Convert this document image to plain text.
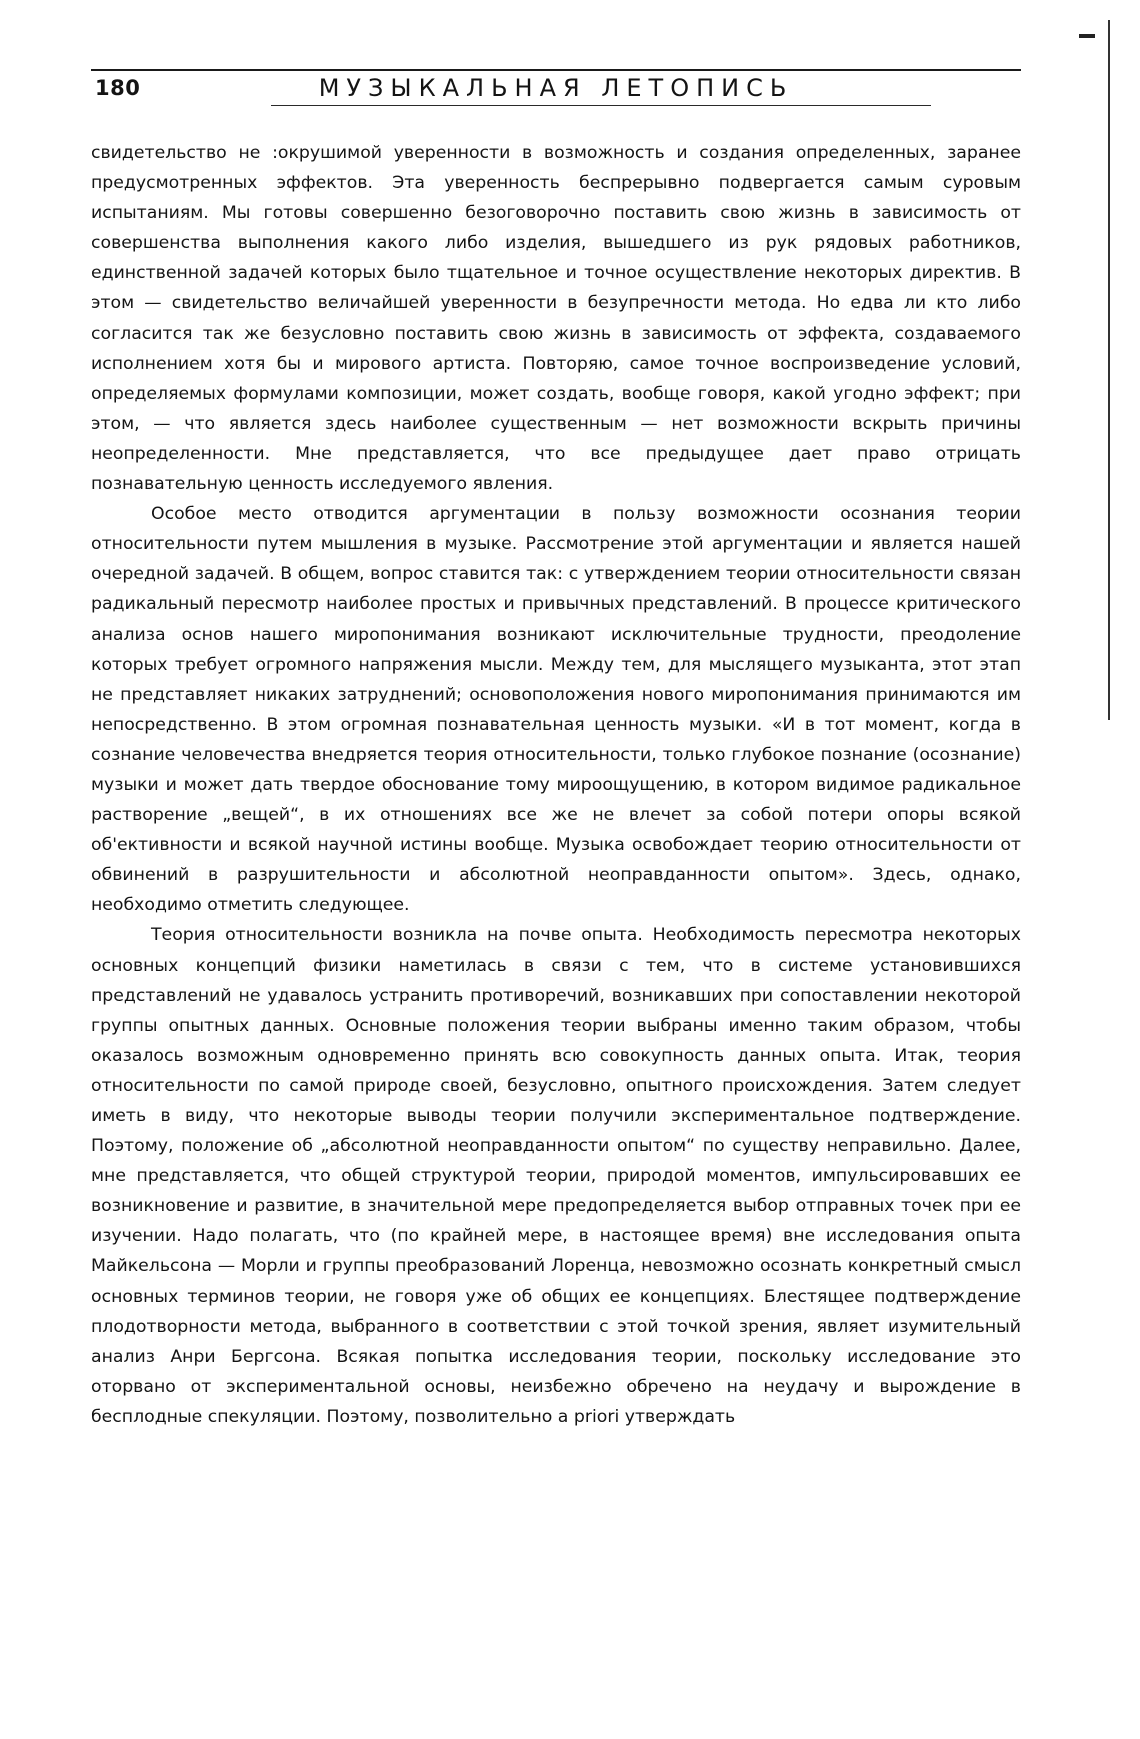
180	МУЗЫКАЛЬНАЯ ЛЕТОПИСЬ

свидетельство не :окрушимой уверенности в возможность и создания определенных, заранее предусмотренных эффектов. Эта уверенность беспрерывно подвергается самым суровым испытаниям. Мы готовы совершенно безоговорочно поставить свою жизнь в зависимость от совершенства выполнения какого либо изделия, вышедшего из рук рядовых работников, единственной задачей которых было тщательное и точное осуществление некоторых директив. В этом — свидетельство величайшей уверенности в безупречности метода. Но едва ли кто либо согласится так же безусловно поставить свою жизнь в зависимость от эффекта, создаваемого исполнением хотя бы и мирового артиста. Повторяю, самое точное воспроизведение условий, определяемых формулами композиции, может создать, вообще говоря, какой угодно эффект; при этом, — что является здесь наиболее существенным — нет возможности вскрыть причины неопределенности. Мне представляется, что все предыдущее дает право отрицать познавательную ценность исследуемого явления.

Особое место отводится аргументации в пользу возможности осознания теории относительности путем мышления в музыке. Рассмотрение этой аргументации и является нашей очередной задачей. В общем, вопрос ставится так: с утверждением теории относительности связан радикальный пересмотр наиболее простых и привычных представлений. В процессе критического анализа основ нашего миропонимания возникают исключительные трудности, преодоление которых требует огромного напряжения мысли. Между тем, для мыслящего музыканта, этот этап не представляет никаких затруднений; основоположения нового миропонимания принимаются им непосредственно. В этом огромная познавательная ценность музыки. «И в тот момент, когда в сознание человечества внедряется теория относительности, только глубокое познание (осознание) музыки и может дать твердое обоснование тому мироощущению, в котором видимое радикальное растворение „вещей“, в их отношениях все же не влечет за собой потери опоры всякой об'ективности и всякой научной истины вообще. Музыка освобождает теорию относительности от обвинений в разрушительности и абсолютной неоправданности опытом». Здесь, однако, необходимо отметить следующее.

Теория относительности возникла на почве опыта. Необходимость пересмотра некоторых основных концепций физики наметилась в связи с тем, что в системе установившихся представлений не удавалось устранить противоречий, возникавших при сопоставлении некоторой группы опытных данных. Основные положения теории выбраны именно таким образом, чтобы оказалось возможным одновременно принять всю совокупность данных опыта. Итак, теория относительности по самой природе своей, безусловно, опытного происхождения. Затем следует иметь в виду, что некоторые выводы теории получили экспериментальное подтверждение. Поэтому, положение об „абсолютной неоправданности опытом“ по существу неправильно. Далее, мне представляется, что общей структурой теории, природой моментов, импульсировавших ее возникновение и развитие, в значительной мере предопределяется выбор отправных точек при ее изучении. Надо полагать, что (по крайней мере, в настоящее время) вне исследования опыта Майкельсона — Морли и группы преобразований Лоренца, невозможно осознать конкретный смысл основных терминов теории, не говоря уже об общих ее концепциях. Блестящее подтверждение плодотворности метода, выбранного в соответствии с этой точкой зрения, являет изумительный анализ Анри Бергсона. Всякая попытка исследования теории, поскольку исследование это оторвано от экспериментальной основы, неизбежно обречено на неудачу и вырождение в бесплодные спекуляции. Поэтому, позволительно a priori утверждать
